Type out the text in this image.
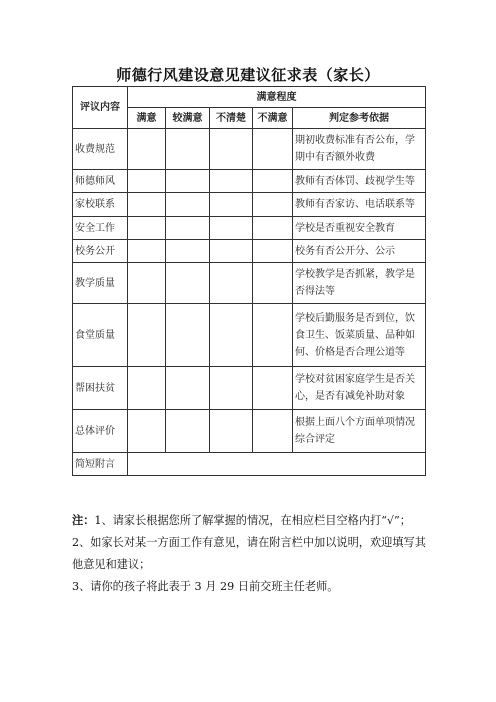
师德行风建设意见建议征求表（家长）
评议内容	满意程度				
	满意	较满意	不清楚	不满意	判定参考依据
收费规范					期初收费标准有否公布，学期中有否额外收费
师德师风					教师有否体罚、歧视学生等
家校联系					教师有否家访、电话联系等
安全工作					学校是否重视安全教育
校务公开					校务有否公开分、公示
教学质量					学校教学是否抓紧，教学是否得法等
食堂质量					学校后勤服务是否到位，饮食卫生、饭菜质量、品种如何、价格是否合理公道等
帮困扶贫					学校对贫困家庭学生是否关心，是否有减免补助对象
总体评价					根据上面八个方面单项情况综合评定
简短附言					

注：1、请家长根据您所了解掌握的情况，在相应栏目空格内打“√”；

2、如家长对某一方面工作有意见，请在附言栏中加以说明，欢迎填写其他意见和建议；

3、请你的孩子将此表于 3 月 29 日前交班主任老师。
